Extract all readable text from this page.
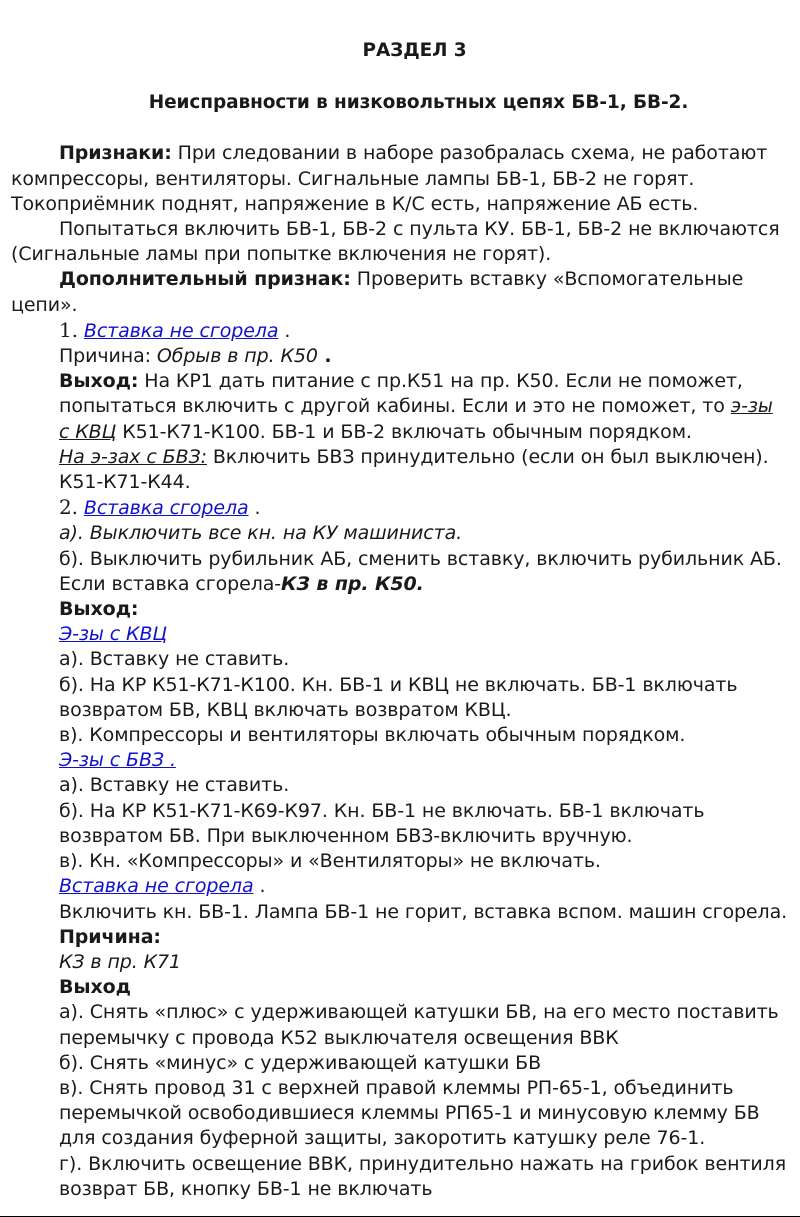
РАЗДЕЛ 3
Неисправности в низковольтных цепях БВ-1, БВ-2.

Признаки: При следовании в наборе разобралась схема, не работают компрессоры, вентиляторы. Сигнальные лампы БВ-1, БВ-2 не горят. Токоприёмник поднят, напряжение в К/С есть, напряжение АБ есть.

Попытаться включить БВ-1, БВ-2 с пульта КУ. БВ-1, БВ-2 не включаются (Сигнальные ламы при попытке включения не горят).

Дополнительный признак: Проверить вставку «Вспомогательные цепи».

1. Вставка не сгорела .

Причина: Обрыв в пр. К50 .

Выход: На КР1 дать питание с пр.К51 на пр. К50. Если не поможет, попытаться включить с другой кабины. Если и это не поможет, то э-зы с КВЦ К51-К71-К100. БВ-1 и БВ-2 включать обычным порядком.

На э-зах с БВЗ: Включить БВЗ принудительно (если он был выключен). К51-К71-К44.

2. Вставка сгорела .

а). Выключить все кн. на КУ машиниста.

б). Выключить рубильник АБ, сменить вставку, включить рубильник АБ.

Если вставка сгорела-КЗ в пр. К50.

Выход:

Э-зы с КВЦ

а). Вставку не ставить.

б). На КР К51-К71-К100. Кн. БВ-1 и КВЦ не включать. БВ-1 включать возвратом БВ, КВЦ включать возвратом КВЦ.

в). Компрессоры и вентиляторы включать обычным порядком.

Э-зы с БВЗ .

а). Вставку не ставить.

б). На КР К51-К71-К69-К97. Кн. БВ-1 не включать. БВ-1 включать возвратом БВ. При выключенном БВЗ-включить вручную.

в). Кн. «Компрессоры» и «Вентиляторы» не включать.

Вставка не сгорела .

Включить кн. БВ-1. Лампа БВ-1 не горит, вставка вспом. машин сгорела.

Причина:

КЗ в пр. К71

Выход

а). Снять «плюс» с удерживающей катушки БВ, на его место поставить перемычку с провода К52 выключателя освещения ВВК

б). Снять «минус» с удерживающей катушки БВ

в). Снять провод 31 с верхней правой клеммы РП-65-1, объединить перемычкой освободившиеся клеммы РП65-1 и минусовую клемму БВ для создания буферной защиты, закоротить катушку реле 76-1.

г). Включить освещение ВВК, принудительно нажать на грибок вентиля возврат БВ, кнопку БВ-1 не включать
